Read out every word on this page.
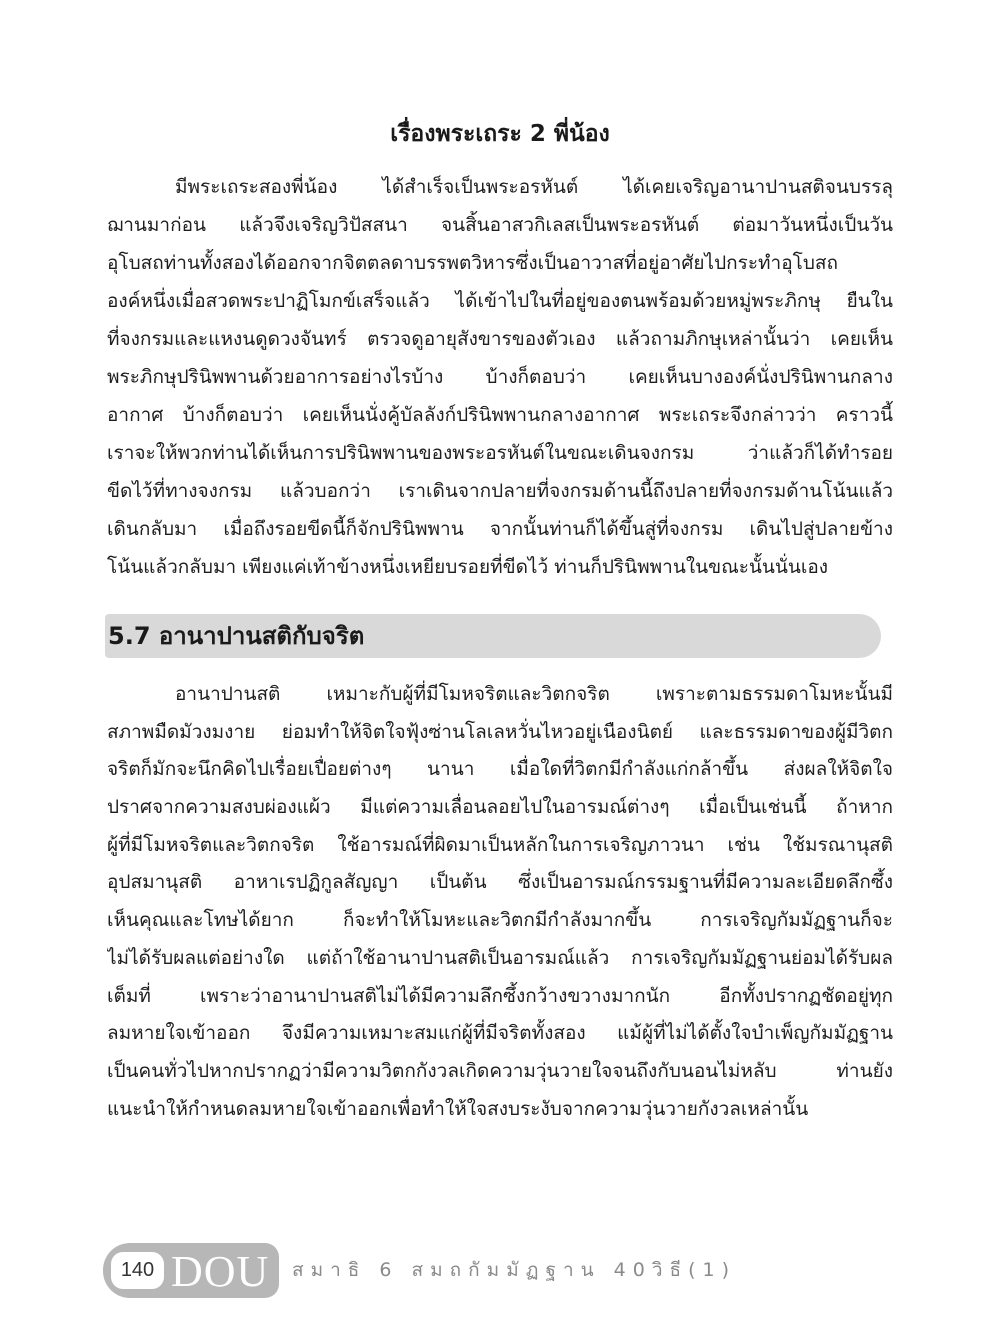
เรื่องพระเถระ 2 พี่น้อง
มีพระเถระสองพี่น้อง ได้สำเร็จเป็นพระอรหันต์ ได้เคยเจริญอานาปานสติจนบรรลุ
ฌานมาก่อน แล้วจึงเจริญวิปัสสนา จนสิ้นอาสวกิเลสเป็นพระอรหันต์ ต่อมาวันหนึ่งเป็นวัน
อุโบสถท่านทั้งสองได้ออกจากจิตตลดาบรรพตวิหารซึ่งเป็นอาวาสที่อยู่อาศัยไปกระทำอุโบสถ
องค์หนึ่งเมื่อสวดพระปาฏิโมกข์เสร็จแล้ว ได้เข้าไปในที่อยู่ของตนพร้อมด้วยหมู่พระภิกษุ ยืนใน
ที่จงกรมและแหงนดูดวงจันทร์ ตรวจดูอายุสังขารของตัวเอง แล้วถามภิกษุเหล่านั้นว่า เคยเห็น
พระภิกษุปรินิพพานด้วยอาการอย่างไรบ้าง บ้างก็ตอบว่า เคยเห็นบางองค์นั่งปรินิพานกลาง
อากาศ บ้างก็ตอบว่า เคยเห็นนั่งคู้บัลลังก์ปรินิพพานกลางอากาศ พระเถระจึงกล่าวว่า คราวนี้
เราจะให้พวกท่านได้เห็นการปรินิพพานของพระอรหันต์ในขณะเดินจงกรม ว่าแล้วก็ได้ทำรอย
ขีดไว้ที่ทางจงกรม แล้วบอกว่า เราเดินจากปลายที่จงกรมด้านนี้ถึงปลายที่จงกรมด้านโน้นแล้ว
เดินกลับมา เมื่อถึงรอยขีดนี้ก็จักปรินิพพาน จากนั้นท่านก็ได้ขึ้นสู่ที่จงกรม เดินไปสู่ปลายข้าง
โน้นแล้วกลับมา เพียงแค่เท้าข้างหนึ่งเหยียบรอยที่ขีดไว้ ท่านก็ปรินิพพานในขณะนั้นนั่นเอง
5.7 อานาปานสติกับจริต
อานาปานสติ เหมาะกับผู้ที่มีโมหจริตและวิตกจริต เพราะตามธรรมดาโมหะนั้นมี
สภาพมืดมัวงมงาย ย่อมทำให้จิตใจฟุ้งซ่านโลเลหวั่นไหวอยู่เนืองนิตย์ และธรรมดาของผู้มีวิตก
จริตก็มักจะนึกคิดไปเรื่อยเปื่อยต่างๆ นานา เมื่อใดที่วิตกมีกำลังแก่กล้าขึ้น ส่งผลให้จิตใจ
ปราศจากความสงบผ่องแผ้ว มีแต่ความเลื่อนลอยไปในอารมณ์ต่างๆ เมื่อเป็นเช่นนี้ ถ้าหาก
ผู้ที่มีโมหจริตและวิตกจริต ใช้อารมณ์ที่ผิดมาเป็นหลักในการเจริญภาวนา เช่น ใช้มรณานุสติ
อุปสมานุสติ อาหาเรปฏิกูลสัญญา เป็นต้น ซึ่งเป็นอารมณ์กรรมฐานที่มีความละเอียดลึกซึ้ง
เห็นคุณและโทษได้ยาก ก็จะทำให้โมหะและวิตกมีกำลังมากขึ้น การเจริญกัมมัฏฐานก็จะ
ไม่ได้รับผลแต่อย่างใด แต่ถ้าใช้อานาปานสติเป็นอารมณ์แล้ว การเจริญกัมมัฏฐานย่อมได้รับผล
เต็มที่ เพราะว่าอานาปานสติไม่ได้มีความลึกซึ้งกว้างขวางมากนัก อีกทั้งปรากฏชัดอยู่ทุก
ลมหายใจเข้าออก จึงมีความเหมาะสมแก่ผู้ที่มีจริตทั้งสอง แม้ผู้ที่ไม่ได้ตั้งใจบำเพ็ญกัมมัฏฐาน
เป็นคนทั่วไปหากปรากฏว่ามีความวิตกกังวลเกิดความวุ่นวายใจจนถึงกับนอนไม่หลับ ท่านยัง
แนะนำให้กำหนดลมหายใจเข้าออกเพื่อทำให้ใจสงบระงับจากความวุ่นวายกังวลเหล่านั้น
140 DOU สมาธิ 6 สมถกัมมัฏฐาน 40วิธี(1)
